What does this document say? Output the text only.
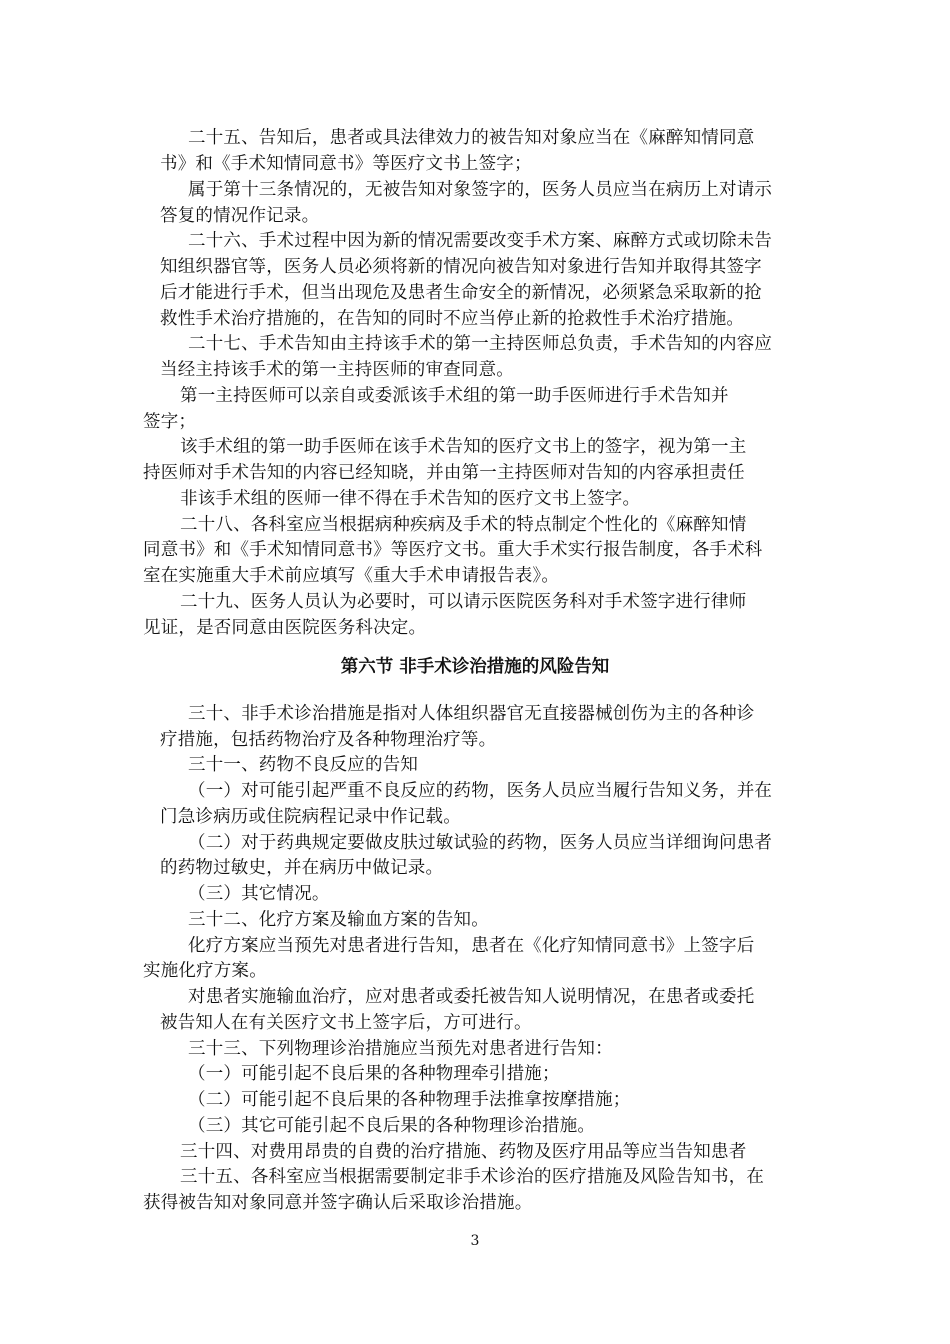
二十五、告知后，患者或具法律效力的被告知对象应当在《麻醉知情同意
书》和《手术知情同意书》等医疗文书上签字；
属于第十三条情况的，无被告知对象签字的，医务人员应当在病历上对请示
答复的情况作记录。
二十六、手术过程中因为新的情况需要改变手术方案、麻醉方式或切除未告
知组织器官等，医务人员必须将新的情况向被告知对象进行告知并取得其签字
后才能进行手术，但当出现危及患者生命安全的新情况，必须紧急采取新的抢
救性手术治疗措施的，在告知的同时不应当停止新的抢救性手术治疗措施。
二十七、手术告知由主持该手术的第一主持医师总负责，手术告知的内容应
当经主持该手术的第一主持医师的审查同意。
第一主持医师可以亲自或委派该手术组的第一助手医师进行手术告知并
签字；
该手术组的第一助手医师在该手术告知的医疗文书上的签字，视为第一主
持医师对手术告知的内容已经知晓，并由第一主持医师对告知的内容承担责任
非该手术组的医师一律不得在手术告知的医疗文书上签字。
二十八、各科室应当根据病种疾病及手术的特点制定个性化的《麻醉知情
同意书》和《手术知情同意书》等医疗文书。重大手术实行报告制度，各手术科
室在实施重大手术前应填写《重大手术申请报告表》。
二十九、医务人员认为必要时，可以请示医院医务科对手术签字进行律师
见证，是否同意由医院医务科决定。
第六节 非手术诊治措施的风险告知
三十、非手术诊治措施是指对人体组织器官无直接器械创伤为主的各种诊
疗措施，包括药物治疗及各种物理治疗等。
三十一、药物不良反应的告知
（一）对可能引起严重不良反应的药物，医务人员应当履行告知义务，并在
门急诊病历或住院病程记录中作记载。
（二）对于药典规定要做皮肤过敏试验的药物，医务人员应当详细询问患者
的药物过敏史，并在病历中做记录。
（三）其它情况。
三十二、化疗方案及输血方案的告知。
化疗方案应当预先对患者进行告知，患者在《化疗知情同意书》上签字后
实施化疗方案。
对患者实施输血治疗，应对患者或委托被告知人说明情况，在患者或委托
被告知人在有关医疗文书上签字后，方可进行。
三十三、下列物理诊治措施应当预先对患者进行告知：
（一）可能引起不良后果的各种物理牵引措施；
（二）可能引起不良后果的各种物理手法推拿按摩措施；
（三）其它可能引起不良后果的各种物理诊治措施。
三十四、对费用昂贵的自费的治疗措施、药物及医疗用品等应当告知患者
三十五、各科室应当根据需要制定非手术诊治的医疗措施及风险告知书，在
获得被告知对象同意并签字确认后采取诊治措施。
3
